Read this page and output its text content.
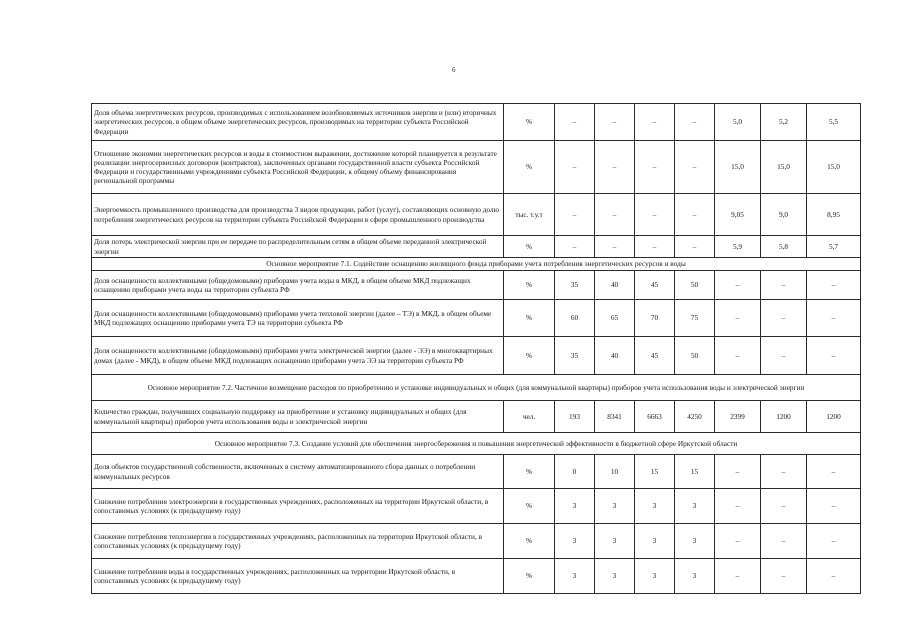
6
Доля объема энергетических ресурсов, производимых с использованием возобновляемых источников энергии и (или) вторичных энергетических ресурсов, в общем объеме энергетических ресурсов, производимых на территории субъекта Российской Федерации	%	–	–	–	–	5,0	5,2	5,5
Отношение экономии энергетических ресурсов и воды в стоимостном выражении, достижение которой планируется в результате реализации энергосервисных договоров (контрактов), заключенных органами государственной власти субъекта Российской Федерации и государственными учреждениями субъекта Российской Федерации, к общему объему финансирования региональной программы	%	–	–	–	–	15,0	15,0	15,0
Энергоемкость промышленного производства для производства 3 видов продукции, работ (услуг), составляющих основную долю потребления энергетических ресурсов на территории субъекта Российской Федерации в сфере промышленного производства	тыс. т.у.т	–	–	–	–	9,05	9,0	8,95
Доля потерь электрической энергии при ее передаче по распределительным сетям в общем объеме переданной электрической энергии	%	–	–	–	–	5,9	5,8	5,7
Основное мероприятие 7.1. Содействие оснащению жилищного фонда приборами учета потребления энергетических ресурсов и воды								
Доля оснащенности коллективными (общедомовыми) приборами учета воды в МКД, в общем объеме МКД подлежащих оснащению приборами учета воды на территории субъекта РФ	%	35	40	45	50	–	–	–
Доля оснащенности коллективными (общедомовыми) приборами учета тепловой энергии (далее – ТЭ) в МКД, в общем объеме МКД подлежащих оснащению приборами учета ТЭ на территории субъекта РФ	%	60	65	70	75	–	–	–
Доля оснащенности коллективными (общедомовыми) приборами учета электрической энергии (далее - ЭЭ) в многоквартирных домах (далее - МКД), в общем объеме МКД подлежащих оснащению приборами учета ЭЭ на территории субъекта РФ	%	35	40	45	50	–	–	–
Основное мероприятие 7.2. Частичное возмещение расходов по приобретению и установке индивидуальных и общих (для коммунальной квартиры) приборов учета использования воды и электрической энергии								
Количество граждан, получивших социальную поддержку на приобретение и установку индивидуальных и общих (для коммунальной квартиры) приборов учета использования воды и электрической энергии	чел.	193	8341	6663	4250	2399	1200	1200
Основное мероприятие 7.3. Создание условий для обеспечения энергосбережения и повышения энергетической эффективности в бюджетной сфере Иркутской области								
Доля объектов государственной собственности, включенных в систему автоматизированного сбора данных о потреблении коммунальных ресурсов	%	0	10	15	15	–	–	–
Снижение потребления электроэнергии в государственных учреждениях, расположенных на территории Иркутской области, в сопоставимых условиях (к предыдущему году)	%	3	3	3	3	–	–	–
Снижение потребления теплоэнергии в государственных учреждениях, расположенных на территории Иркутской области, в сопоставимых условиях (к предыдущему году)	%	3	3	3	3	–	–	–
Снижение потребления воды в государственных учреждениях, расположенных на территории Иркутской области, в сопоставимых условиях (к предыдущему году)	%	3	3	3	3	–	–	–
